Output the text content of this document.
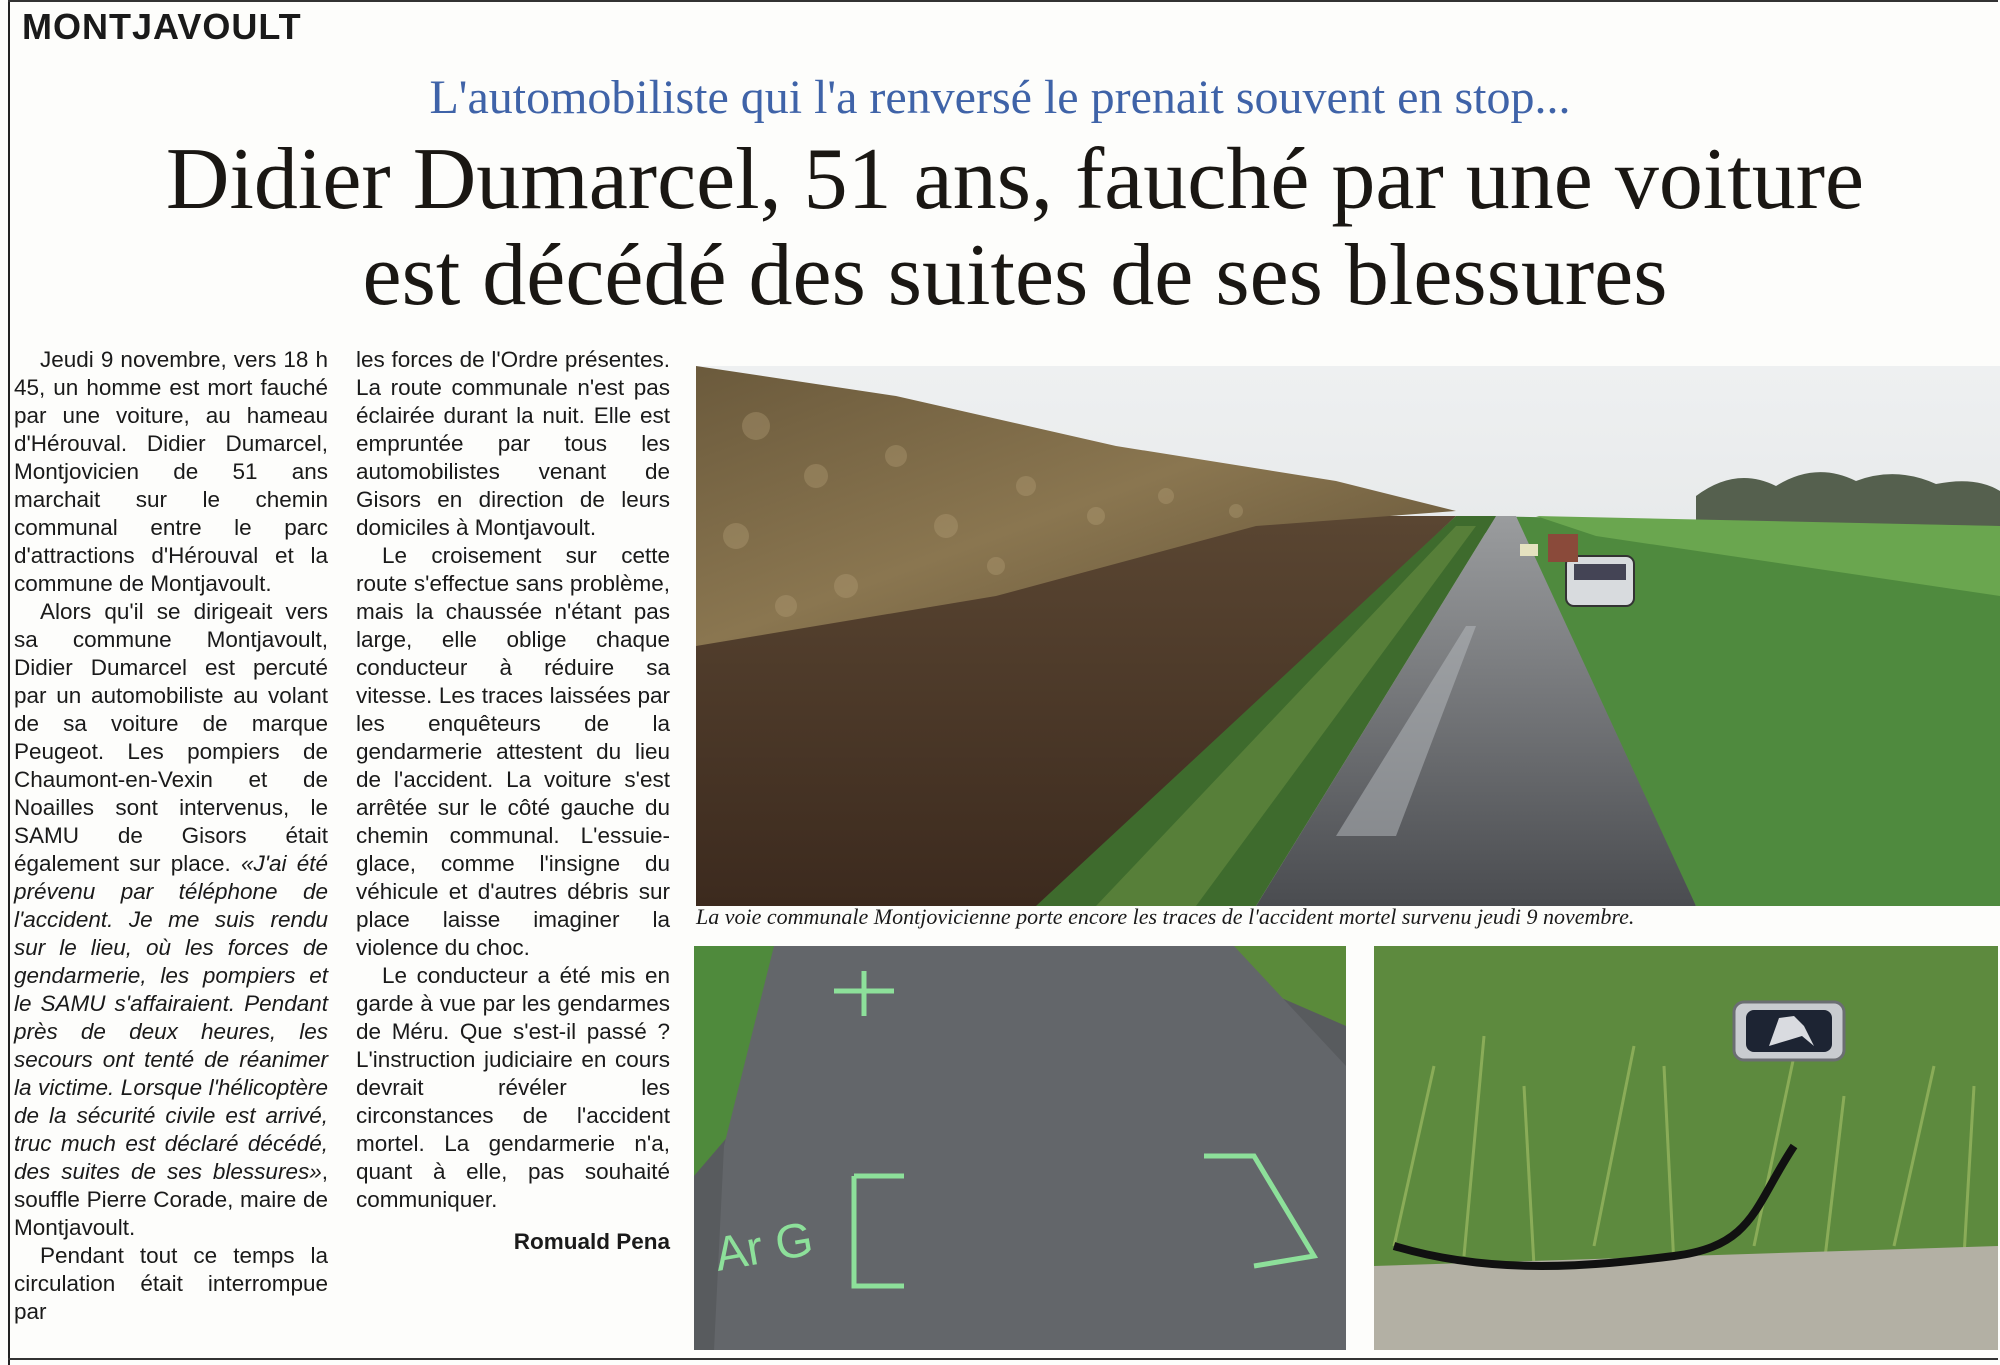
MONTJAVOULT
L'automobiliste qui l'a renversé le prenait souvent en stop...
Didier Dumarcel, 51 ans, fauché par une voiture
est décédé des suites de ses blessures

Jeudi 9 novembre, vers 18 h 45, un homme est mort fauché par une voiture, au hameau d'Hérouval. Didier Dumarcel, Montjovicien de 51 ans marchait sur le chemin communal entre le parc d'attractions d'Hérouval et la commune de Montjavoult.

Alors qu'il se dirigeait vers sa commune Montjavoult, Didier Dumarcel est percuté par un automobiliste au volant de sa voiture de marque Peugeot. Les pompiers de Chaumont-en-Vexin et de Noailles sont intervenus, le SAMU de Gisors était également sur place. «J'ai été prévenu par téléphone de l'accident. Je me suis rendu sur le lieu, où les forces de gendarmerie, les pompiers et le SAMU s'affairaient. Pendant près de deux heures, les secours ont tenté de réanimer la victime. Lorsque l'hélicoptère de la sécurité civile est arrivé, truc much est déclaré décédé, des suites de ses blessures», souffle Pierre Corade, maire de Montjavoult.

Pendant tout ce temps la circulation était interrompue par

les forces de l'Ordre présentes. La route communale n'est pas éclairée durant la nuit. Elle est empruntée par tous les automobilistes venant de Gisors en direction de leurs domiciles à Montjavoult.

Le croisement sur cette route s'effectue sans problème, mais la chaussée n'étant pas large, elle oblige chaque conducteur à réduire sa vitesse. Les traces laissées par les enquêteurs de la gendarmerie attestent du lieu de l'accident. La voiture s'est arrêtée sur le côté gauche du chemin communal. L'essuie-glace, comme l'insigne du véhicule et d'autres débris sur place laisse imaginer la violence du choc.

Le conducteur a été mis en garde à vue par les gendarmes de Méru. Que s'est-il passé ? L'instruction judiciaire en cours devrait révéler les circonstances de l'accident mortel. La gendarmerie n'a, quant à elle, pas souhaité communiquer.

Romuald Pena

La voie communale Montjovicienne porte encore les traces de l'accident mortel survenu jeudi 9 novembre.
Ar G
